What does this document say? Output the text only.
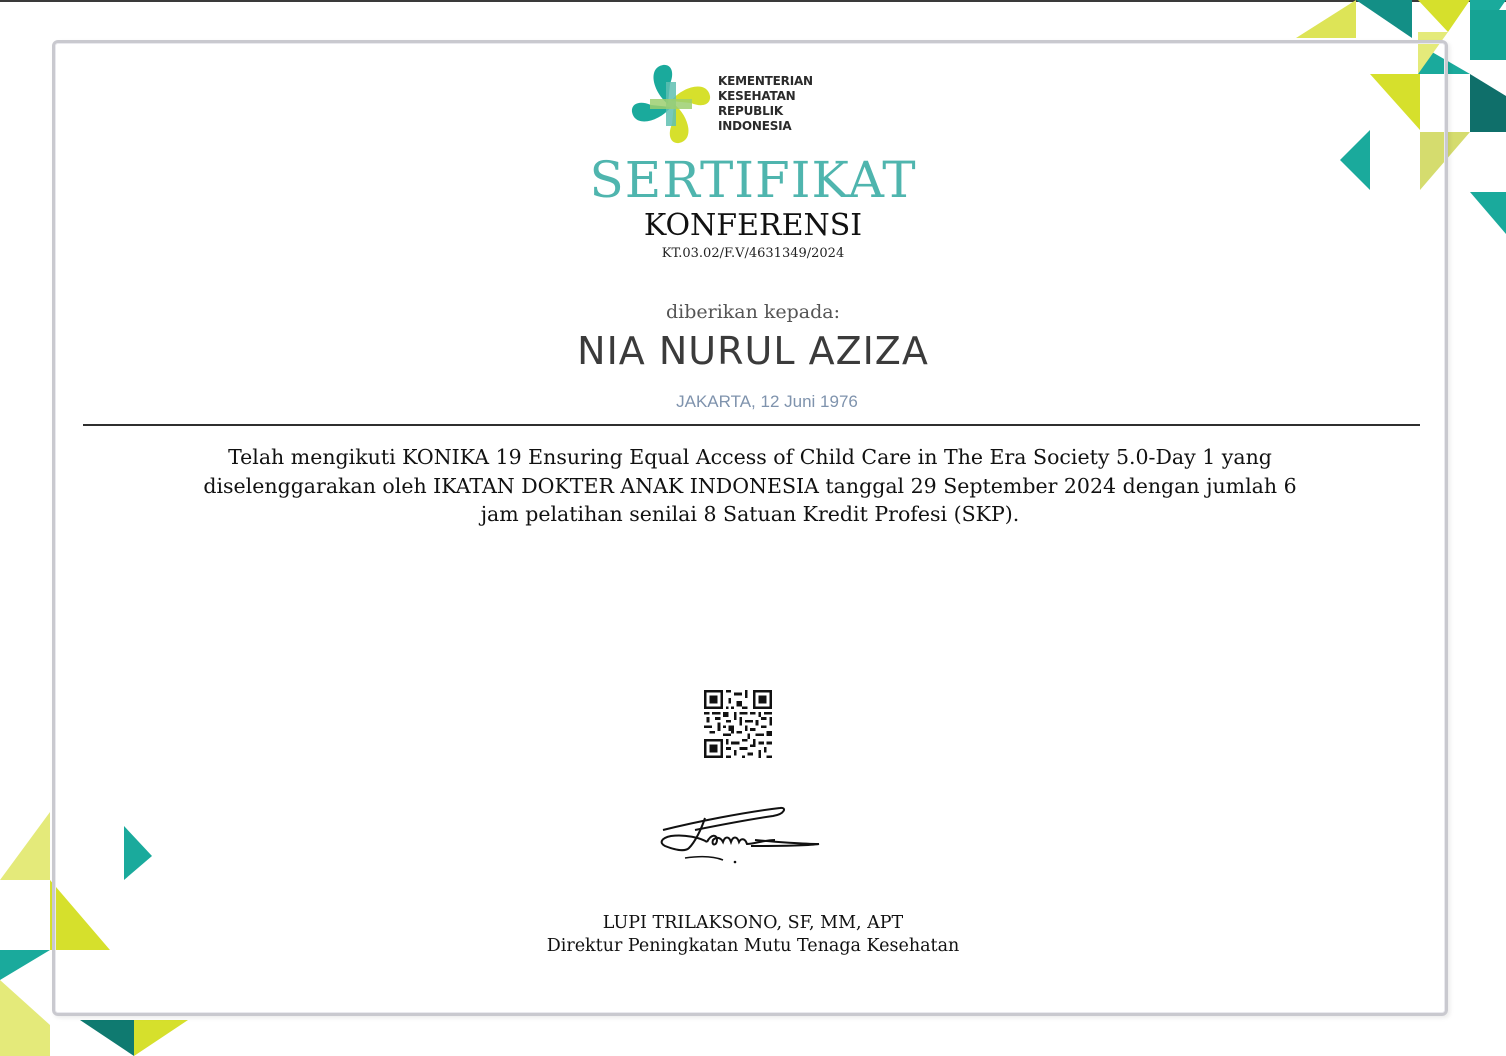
KEMENTERIAN
KESEHATAN
REPUBLIK
INDONESIA
SERTIFIKAT
KONFERENSI
KT.03.02/F.V/4631349/2024
diberikan kepada:
NIA NURUL AZIZA
JAKARTA, 12 Juni 1976
Telah mengikuti KONIKA 19 Ensuring Equal Access of Child Care in The Era Society 5.0-Day 1 yang
diselenggarakan oleh IKATAN DOKTER ANAK INDONESIA tanggal 29 September 2024 dengan jumlah 6
jam pelatihan senilai 8 Satuan Kredit Profesi (SKP).
LUPI TRILAKSONO, SF, MM, APT
Direktur Peningkatan Mutu Tenaga Kesehatan
